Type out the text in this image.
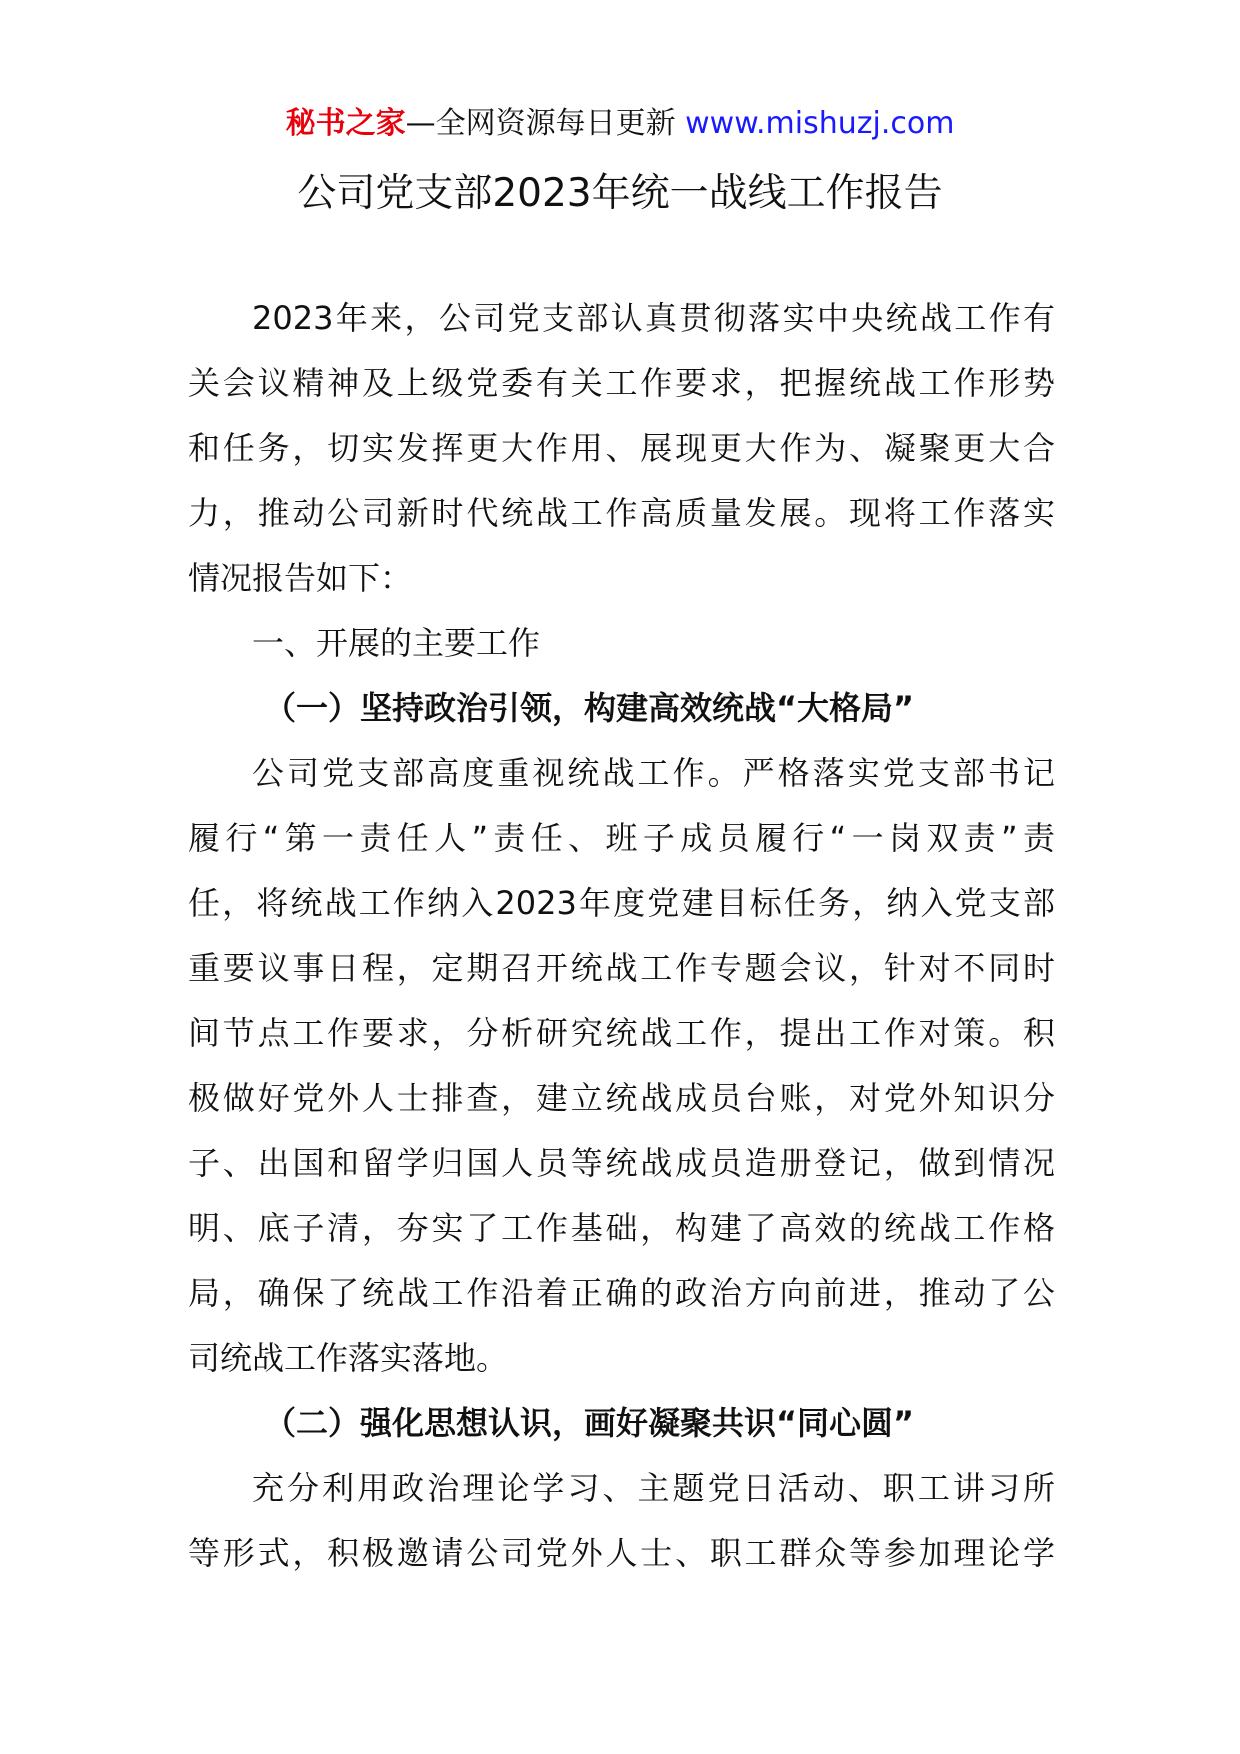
秘书之家—全网资源每日更新 www.mishuzj.com
公司党支部2023年统一战线工作报告
2023年来，公司党支部认真贯彻落实中央统战工作有
关会议精神及上级党委有关工作要求，把握统战工作形势
和任务，切实发挥更大作用、展现更大作为、凝聚更大合
力，推动公司新时代统战工作高质量发展。现将工作落实
情况报告如下：
一、开展的主要工作
（一）坚持政治引领，构建高效统战“大格局”
公司党支部高度重视统战工作。严格落实党支部书记
履行“第一责任人”责任、班子成员履行“一岗双责”责
任，将统战工作纳入2023年度党建目标任务，纳入党支部
重要议事日程，定期召开统战工作专题会议，针对不同时
间节点工作要求，分析研究统战工作，提出工作对策。积
极做好党外人士排查，建立统战成员台账，对党外知识分
子、出国和留学归国人员等统战成员造册登记，做到情况
明、底子清，夯实了工作基础，构建了高效的统战工作格
局，确保了统战工作沿着正确的政治方向前进，推动了公
司统战工作落实落地。
（二）强化思想认识，画好凝聚共识“同心圆”
充分利用政治理论学习、主题党日活动、职工讲习所
等形式，积极邀请公司党外人士、职工群众等参加理论学
